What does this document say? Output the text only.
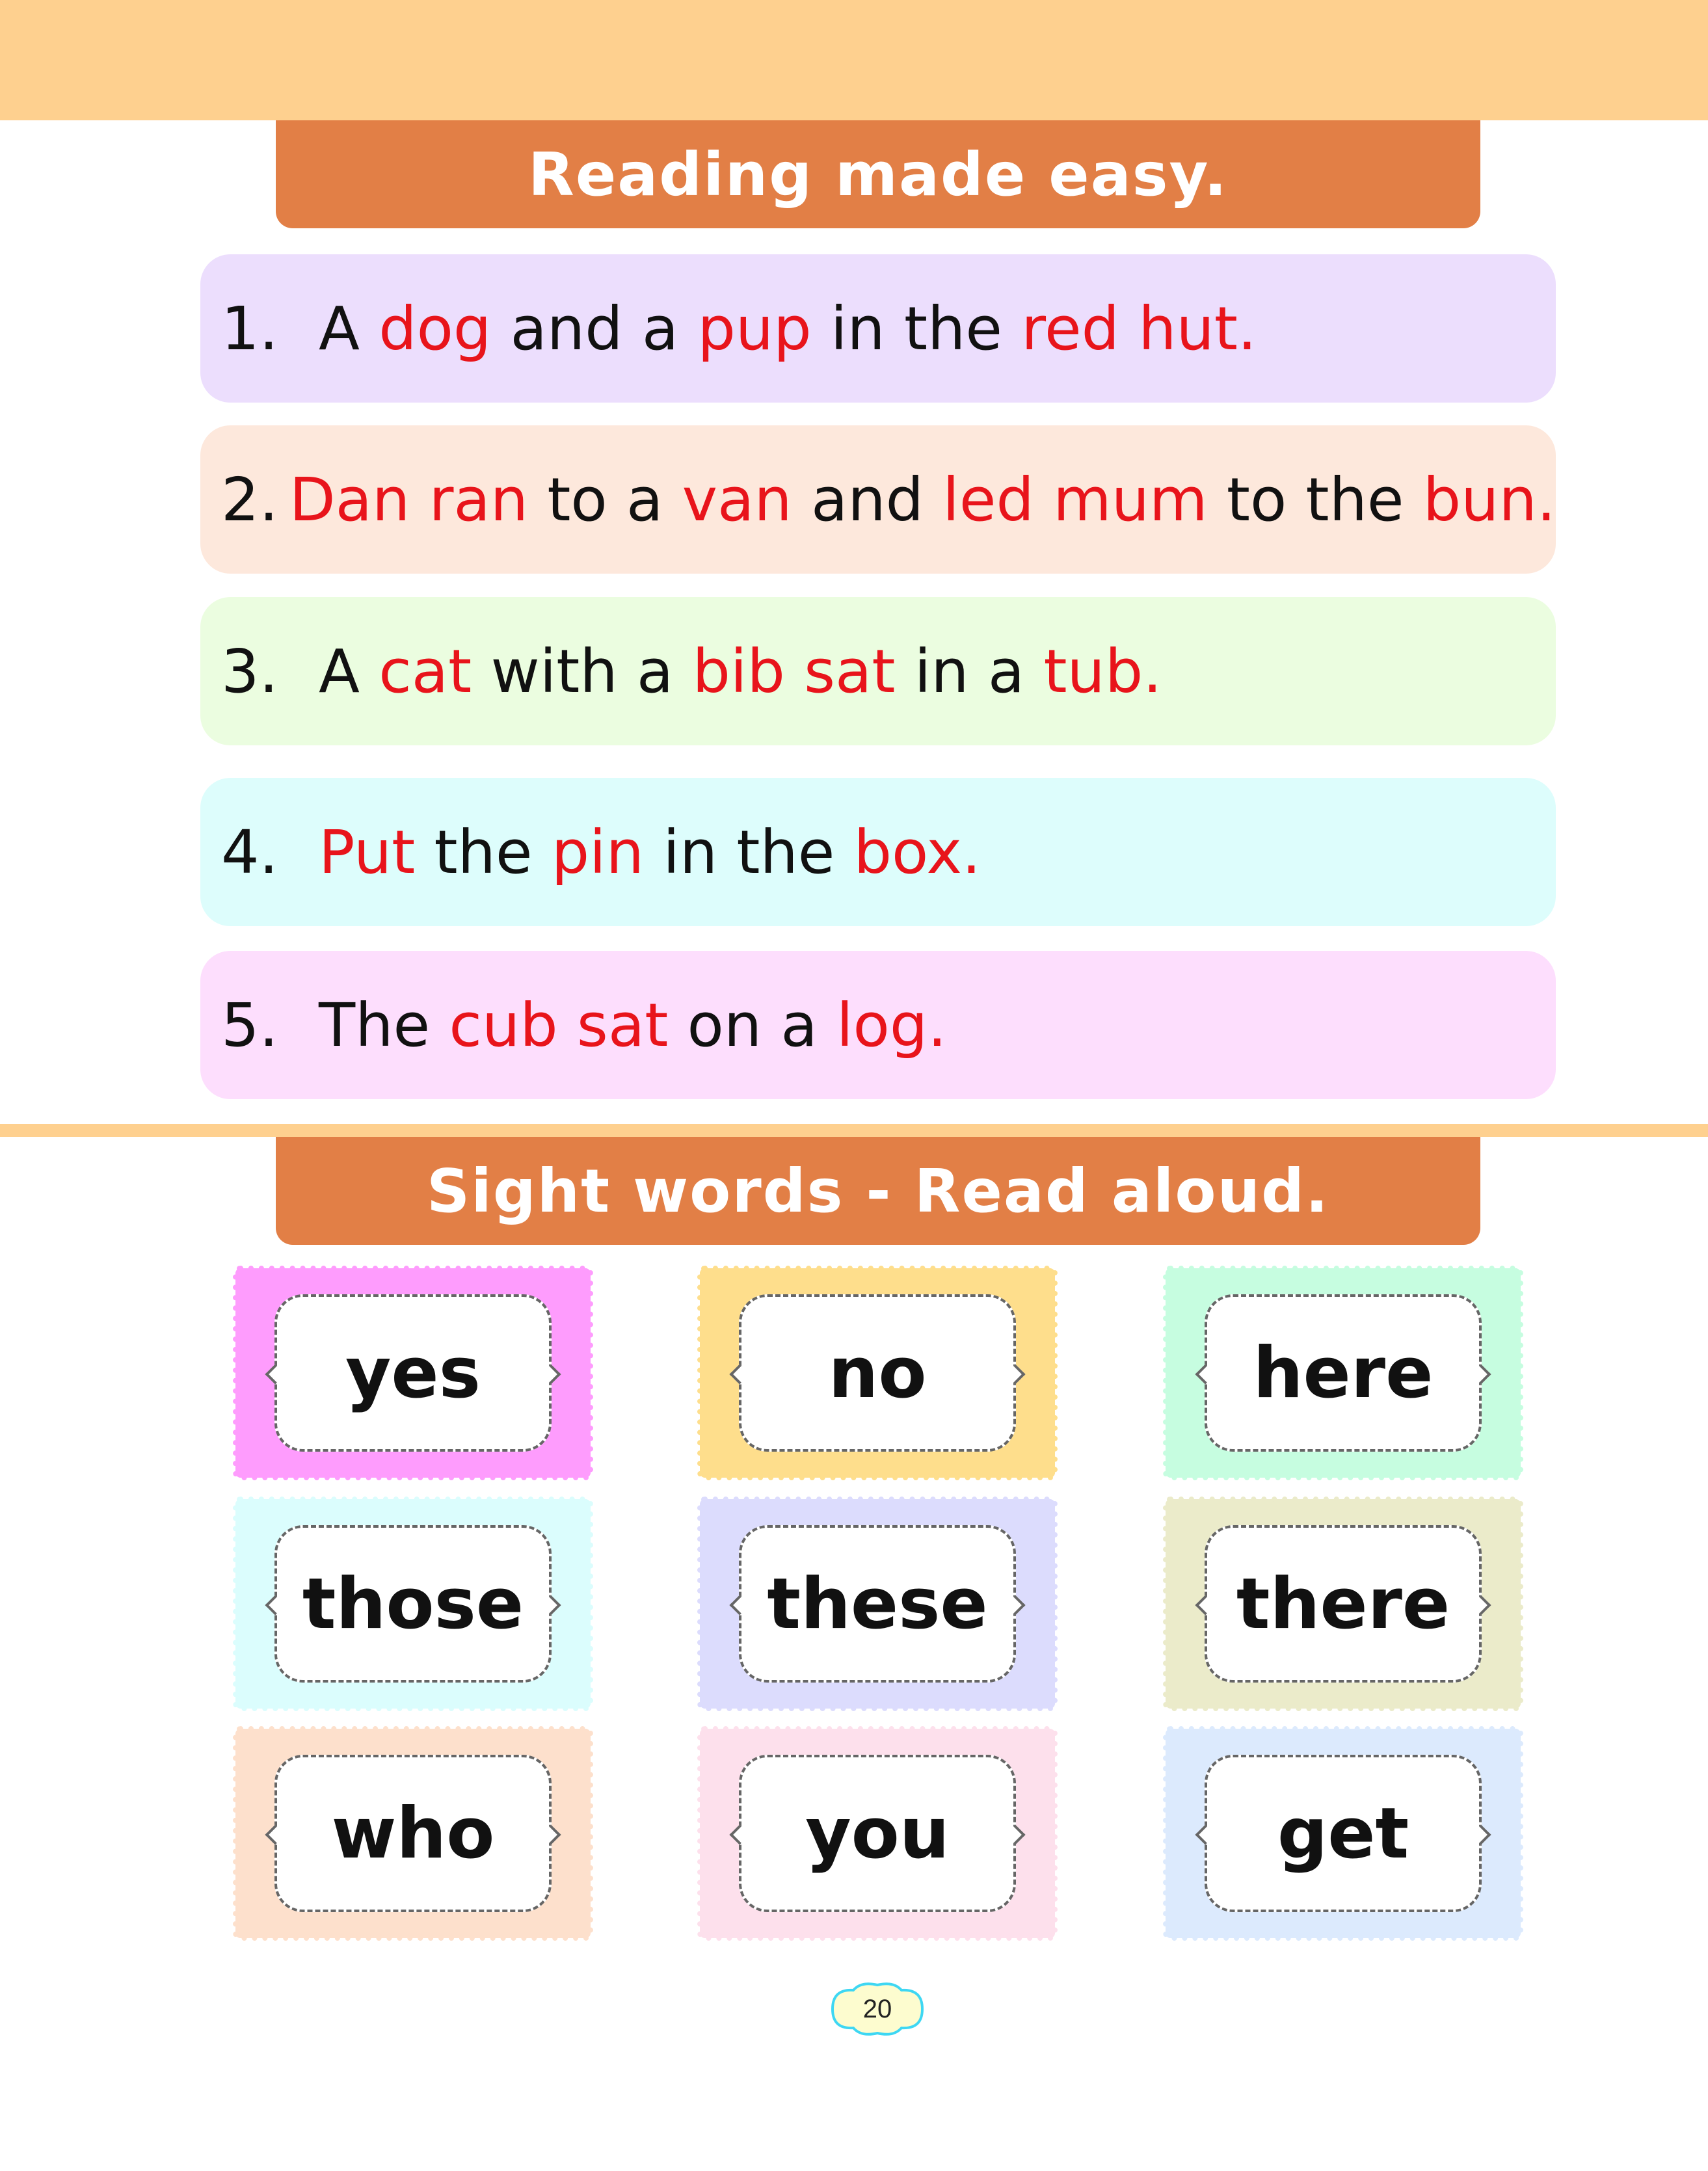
Reading made easy.
1. A dog and a pup in the red hut.
2. Dan ran to a van and led mum to the bun.
3. A cat with a bib sat in a tub.
4. Put the pin in the box.
5. The cub sat on a log.
Sight words - Read aloud.
yes	no	here
those	these	there
who	you	get
20
